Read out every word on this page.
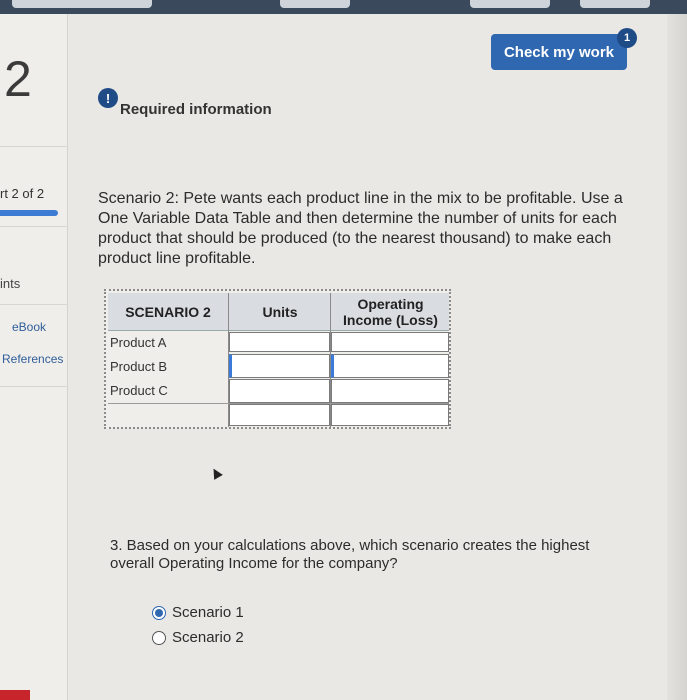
2
rt 2 of 2
ints
eBook
References
Check my work
1
!
Required information
Scenario 2: Pete wants each product line in the mix to be profitable. Use a One Variable Data Table and then determine the number of units for each product that should be produced (to the nearest thousand) to make each product line profitable.
SCENARIO 2	Units	Operating Income (Loss)
Product A
Product B
Product C
3. Based on your calculations above, which scenario creates the highest overall Operating Income for the company?
Scenario 1
Scenario 2
